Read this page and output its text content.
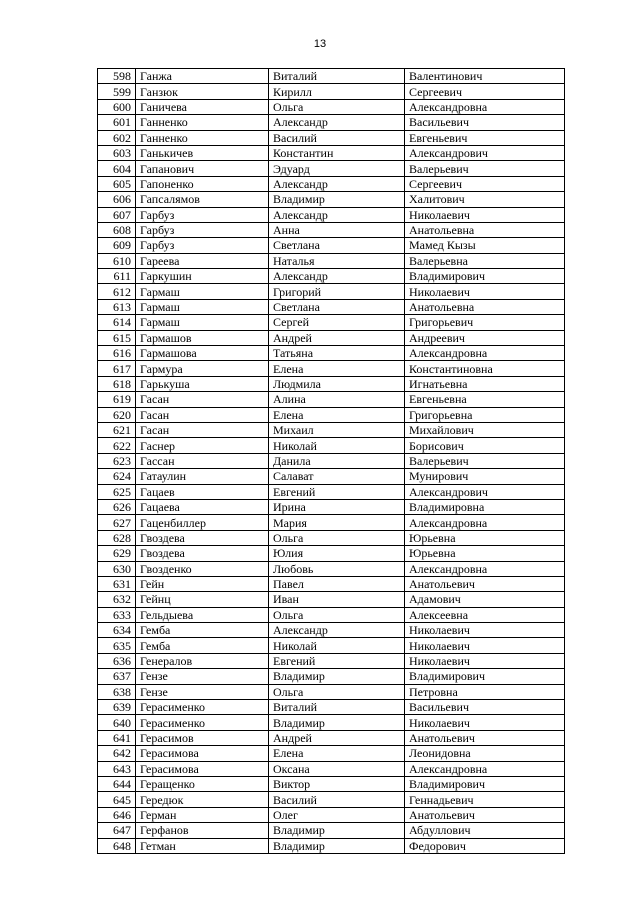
13
598	Ганжа	Виталий	Валентинович
599	Ганзюк	Кирилл	Сергеевич
600	Ганичева	Ольга	Александровна
601	Ганненко	Александр	Васильевич
602	Ганненко	Василий	Евгеньевич
603	Ганькичев	Константин	Александрович
604	Гапанович	Эдуард	Валерьевич
605	Гапоненко	Александр	Сергеевич
606	Гапсалямов	Владимир	Халитович
607	Гарбуз	Александр	Николаевич
608	Гарбуз	Анна	Анатольевна
609	Гарбуз	Светлана	Мамед Кызы
610	Гареева	Наталья	Валерьевна
611	Гаркушин	Александр	Владимирович
612	Гармаш	Григорий	Николаевич
613	Гармаш	Светлана	Анатольевна
614	Гармаш	Сергей	Григорьевич
615	Гармашов	Андрей	Андреевич
616	Гармашова	Татьяна	Александровна
617	Гармура	Елена	Константиновна
618	Гарькуша	Людмила	Игнатьевна
619	Гасан	Алина	Евгеньевна
620	Гасан	Елена	Григорьевна
621	Гасан	Михаил	Михайлович
622	Гаснер	Николай	Борисович
623	Гассан	Данила	Валерьевич
624	Гатаулин	Салават	Мунирович
625	Гацаев	Евгений	Александрович
626	Гацаева	Ирина	Владимировна
627	Гаценбиллер	Мария	Александровна
628	Гвоздева	Ольга	Юрьевна
629	Гвоздева	Юлия	Юрьевна
630	Гвозденко	Любовь	Александровна
631	Гейн	Павел	Анатольевич
632	Гейнц	Иван	Адамович
633	Гельдыева	Ольга	Алексеевна
634	Гемба	Александр	Николаевич
635	Гемба	Николай	Николаевич
636	Генералов	Евгений	Николаевич
637	Гензе	Владимир	Владимирович
638	Гензе	Ольга	Петровна
639	Герасименко	Виталий	Васильевич
640	Герасименко	Владимир	Николаевич
641	Герасимов	Андрей	Анатольевич
642	Герасимова	Елена	Леонидовна
643	Герасимова	Оксана	Александровна
644	Геращенко	Виктор	Владимирович
645	Гередюк	Василий	Геннадьевич
646	Герман	Олег	Анатольевич
647	Герфанов	Владимир	Абдуллович
648	Гетман	Владимир	Федорович
